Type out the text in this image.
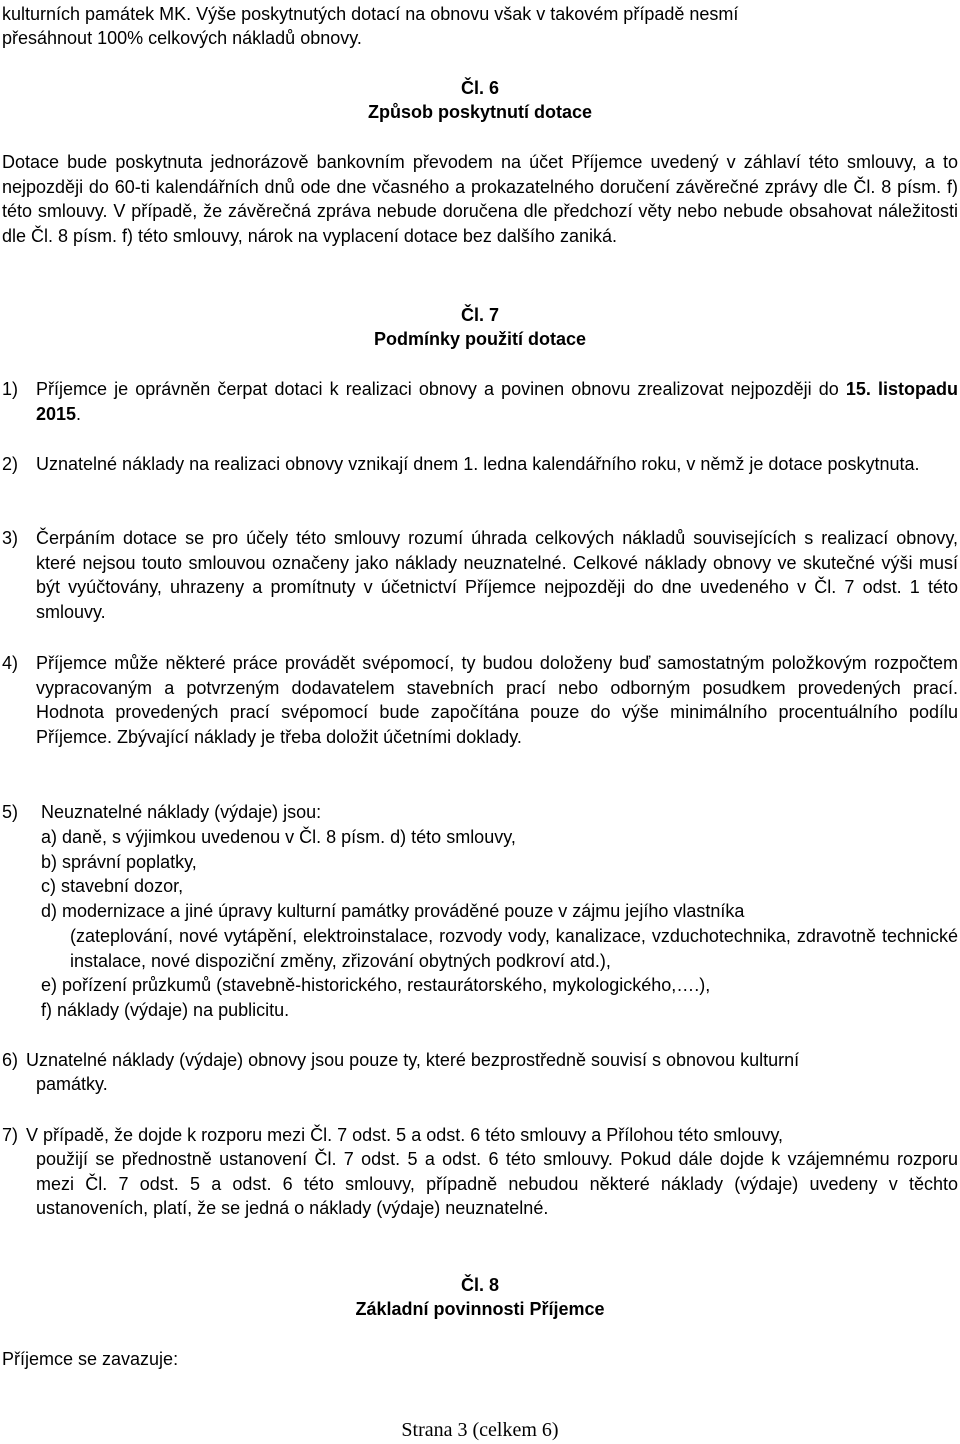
kulturních památek MK. Výše poskytnutých dotací na obnovu však v takovém případě nesmí

přesáhnout 100% celkových nákladů obnovy.

Čl. 6
Způsob poskytnutí dotace

Dotace bude poskytnuta jednorázově bankovním převodem na účet Příjemce uvedený v záhlaví této smlouvy, a to nejpozději do 60-ti kalendářních dnů ode dne včasného a prokazatelného doručení závěrečné zprávy dle Čl. 8 písm. f) této smlouvy. V případě, že závěrečná zpráva nebude doručena dle předchozí věty nebo nebude obsahovat náležitosti dle Čl. 8 písm. f) této smlouvy, nárok na vyplacení dotace bez dalšího zaniká.

Čl. 7
Podmínky použití dotace
1) Příjemce je oprávněn čerpat dotaci k realizaci obnovy a povinen obnovu zrealizovat nejpozději do 15. listopadu 2015.

2) Uznatelné náklady na realizaci obnovy vznikají dnem 1. ledna kalendářního roku, v němž je dotace poskytnuta.

3) Čerpáním dotace se pro účely této smlouvy rozumí úhrada celkových nákladů souvisejících s realizací obnovy, které nejsou touto smlouvou označeny jako náklady neuznatelné. Celkové náklady obnovy ve skutečné výši musí být vyúčtovány, uhrazeny a promítnuty v účetnictví Příjemce nejpozději do dne uvedeného v Čl. 7 odst. 1 této smlouvy.

4) Příjemce může některé práce provádět svépomocí, ty budou doloženy buď samostatným položkovým rozpočtem vypracovaným a potvrzeným dodavatelem stavebních prací nebo odborným posudkem provedených prací. Hodnota provedených prací svépomocí bude započítána pouze do výše minimálního procentuálního podílu Příjemce. Zbývající náklady je třeba doložit účetními doklady.

5) Neuznatelné náklady (výdaje) jsou:

a) daně, s výjimkou uvedenou v Čl. 8 písm. d) této smlouvy,

b) správní poplatky,

c) stavební dozor,

d) modernizace a jiné úpravy kulturní památky prováděné pouze v zájmu jejího vlastníka

(zateplování, nové vytápění, elektroinstalace, rozvody vody, kanalizace, vzduchotechnika, zdravotně technické instalace, nové dispoziční změny, zřizování obytných podkroví atd.),

e) pořízení průzkumů (stavebně-historického, restaurátorského, mykologického,….),

f) náklady (výdaje) na publicitu.

6) Uznatelné náklady (výdaje) obnovy jsou pouze ty, které bezprostředně souvisí s obnovou kulturní

památky.

7) V případě, že dojde k rozporu mezi Čl. 7 odst. 5 a odst. 6 této smlouvy a Přílohou této smlouvy,

použijí se přednostně ustanovení Čl. 7 odst. 5 a odst. 6 této smlouvy. Pokud dále dojde k vzájemnému rozporu mezi Čl. 7 odst. 5 a odst. 6 této smlouvy, případně nebudou některé náklady (výdaje) uvedeny v těchto ustanoveních, platí, že se jedná o náklady (výdaje) neuznatelné.

Čl. 8
Základní povinnosti Příjemce

Příjemce se zavazuje:

Strana 3 (celkem 6)
